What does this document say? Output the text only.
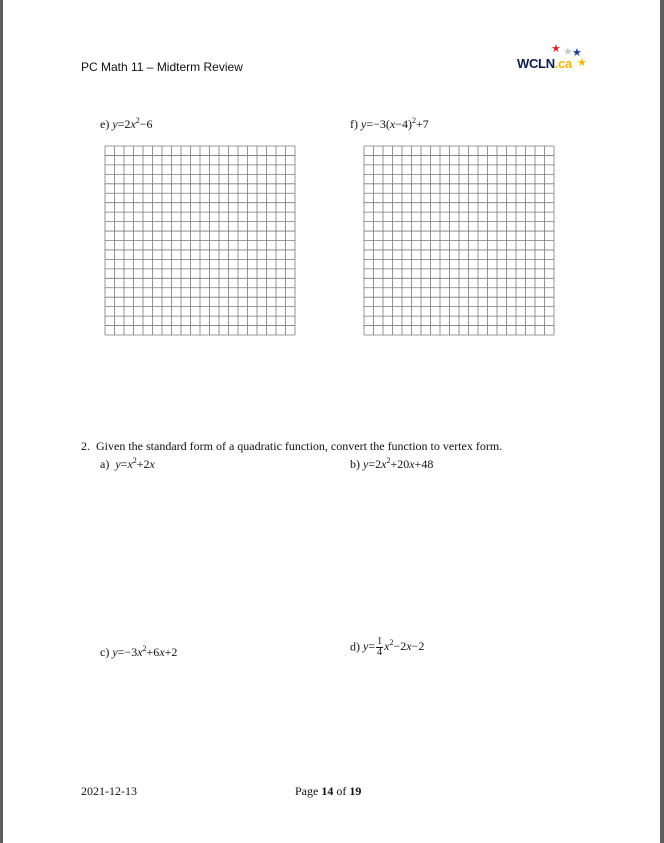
PC Math 11 – Midterm Review
★ ★ ★
WCLN.ca ★
e) $y=2x^2-6$	f) $y=-3(x-4)^2+7$
2. Given the standard form of a quadratic function, convert the function to vertex form.
a) $y=x^2+2x$	b) $y=2x^2+20x+48$
c) $y=-3x^2+6x+2$	d) $y= \frac{1}{4} x^2-2x-2$
2021-12-13	Page 14 of 19
